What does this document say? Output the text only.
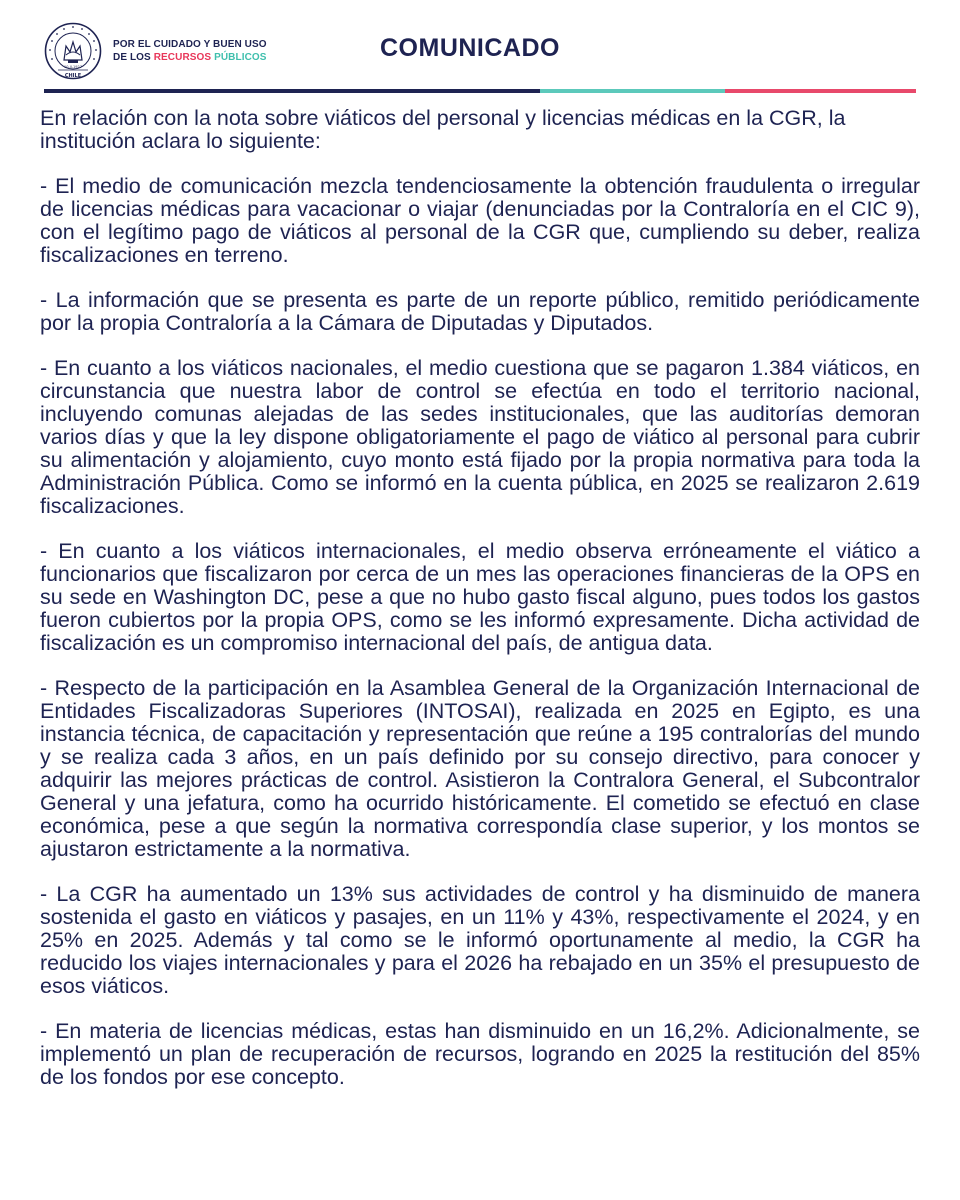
CHILE
10-II-1927
POR EL CUIDADO Y BUEN USO
DE LOS RECURSOS PÚBLICOS	COMUNICADO

En relación con la nota sobre viáticos del personal y licencias médicas en la CGR, la institución aclara lo siguiente:

- El medio de comunicación mezcla tendenciosamente la obtención fraudulenta o irregular de licencias médicas para vacacionar o viajar (denunciadas por la Contraloría en el CIC 9), con el legítimo pago de viáticos al personal de la CGR que, cumpliendo su deber, realiza fiscalizaciones en terreno.

- La información que se presenta es parte de un reporte público, remitido periódicamente por la propia Contraloría a la Cámara de Diputadas y Diputados.

- En cuanto a los viáticos nacionales, el medio cuestiona que se pagaron 1.384 viáticos, en circunstancia que nuestra labor de control se efectúa en todo el territorio nacional, incluyendo comunas alejadas de las sedes institucionales, que las auditorías demoran varios días y que la ley dispone obligatoriamente el pago de viático al personal para cubrir su alimentación y alojamiento, cuyo monto está fijado por la propia normativa para toda la Administración Pública. Como se informó en la cuenta pública, en 2025 se realizaron 2.619 fiscalizaciones.

- En cuanto a los viáticos internacionales, el medio observa erróneamente el viático a funcionarios que fiscalizaron por cerca de un mes las operaciones financieras de la OPS en su sede en Washington DC, pese a que no hubo gasto fiscal alguno, pues todos los gastos fueron cubiertos por la propia OPS, como se les informó expresamente. Dicha actividad de fiscalización es un compromiso internacional del país, de antigua data.

- Respecto de la participación en la Asamblea General de la Organización Internacional de Entidades Fiscalizadoras Superiores (INTOSAI), realizada en 2025 en Egipto, es una instancia técnica, de capacitación y representación que reúne a 195 contralorías del mundo y se realiza cada 3 años, en un país definido por su consejo directivo, para conocer y adquirir las mejores prácticas de control. Asistieron la Contralora General, el Subcontralor General y una jefatura, como ha ocurrido históricamente. El cometido se efectuó en clase económica, pese a que según la normativa correspondía clase superior, y los montos se ajustaron estrictamente a la normativa.

- La CGR ha aumentado un 13% sus actividades de control y ha disminuido de manera sostenida el gasto en viáticos y pasajes, en un 11% y 43%, respectivamente el 2024, y en 25% en 2025. Además y tal como se le informó oportunamente al medio, la CGR ha reducido los viajes internacionales y para el 2026 ha rebajado en un 35% el presupuesto de esos viáticos.

- En materia de licencias médicas, estas han disminuido en un 16,2%. Adicionalmente, se implementó un plan de recuperación de recursos, logrando en 2025 la restitución del 85% de los fondos por ese concepto.
